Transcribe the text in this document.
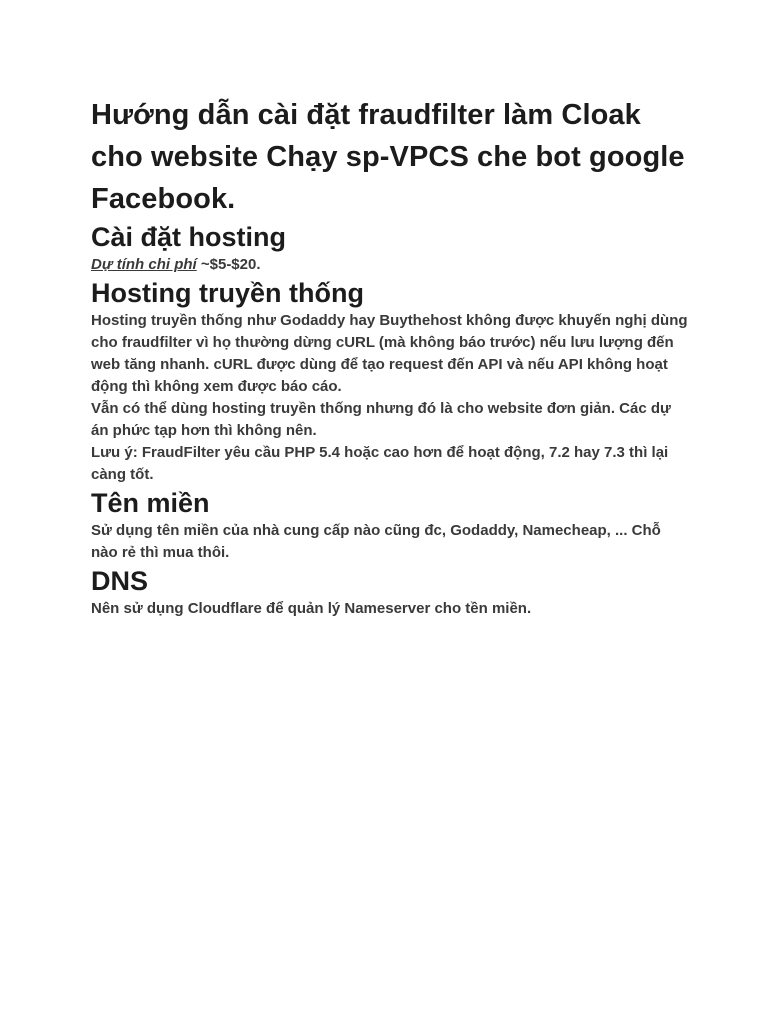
Hướng dẫn cài đặt fraudfilter làm Cloak cho website Chạy sp-VPCS che bot google Facebook.
Cài đặt hosting

Dự tính chi phí ~$5-$20.

Hosting truyền thống

Hosting truyền thống như Godaddy hay Buythehost không được khuyến nghị dùng cho fraudfilter vì họ thường dừng cURL (mà không báo trước) nếu lưu lượng đến web tăng nhanh. cURL được dùng để tạo request đến API và nếu API không hoạt động thì không xem được báo cáo.

Vẫn có thể dùng hosting truyền thống nhưng đó là cho website đơn giản. Các dự án phức tạp hơn thì không nên.

Lưu ý: FraudFilter yêu cầu PHP 5.4 hoặc cao hơn để hoạt động, 7.2 hay 7.3 thì lại càng tốt.

Tên miền

Sử dụng tên miền của nhà cung cấp nào cũng đc, Godaddy, Namecheap, ... Chỗ nào rẻ thì mua thôi.

DNS

Nên sử dụng Cloudflare để quản lý Nameserver cho tền miền.
